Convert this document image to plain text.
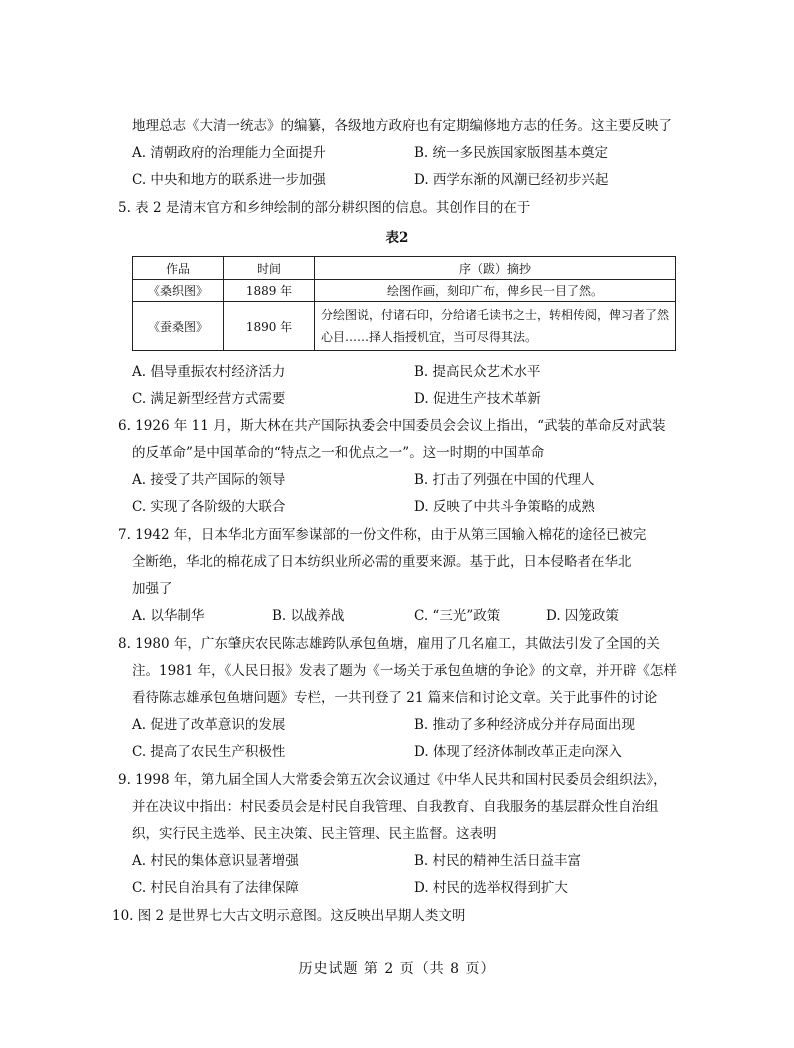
地理总志《大清一统志》的编纂，各级地方政府也有定期编修地方志的任务。这主要反映了
A. 清朝政府的治理能力全面提升	B. 统一多民族国家版图基本奠定
C. 中央和地方的联系进一步加强	D. 西学东渐的风潮已经初步兴起
5. 表 2 是清末官方和乡绅绘制的部分耕织图的信息。其创作目的在于
表2
作品	时间	序（跋）摘抄
《桑织图》	1889 年	绘图作画，刻印广布，俾乡民一目了然。
《蚕桑图》	1890 年	分绘图说，付诸石印，分给诸乇读书之士，转相传阅，俾习者了然心目……择人指授机宜，当可尽得其法。
A. 倡导重振农村经济活力	B. 提高民众艺术水平
C. 满足新型经营方式需要	D. 促进生产技术革新
6. 1926 年 11 月，斯大林在共产国际执委会中国委员会会议上指出，“武装的革命反对武装
的反革命”是中国革命的“特点之一和优点之一”。这一时期的中国革命
A. 接受了共产国际的领导	B. 打击了列强在中国的代理人
C. 实现了各阶级的大联合	D. 反映了中共斗争策略的成熟
7. 1942 年，日本华北方面军参谋部的一份文件称，由于从第三国输入棉花的途径已被完
全断绝，华北的棉花成了日本纺织业所必需的重要来源。基于此，日本侵略者在华北
加强了
A. 以华制华	B. 以战养战	C. “三光”政策	D. 囚笼政策
8. 1980 年，广东肇庆农民陈志雄跨队承包鱼塘，雇用了几名雇工，其做法引发了全国的关
注。1981 年，《人民日报》发表了题为《一场关于承包鱼塘的争论》的文章，并开辟《怎样
看待陈志雄承包鱼塘问题》专栏，一共刊登了 21 篇来信和讨论文章。关于此事件的讨论
A. 促进了改革意识的发展	B. 推动了多种经济成分并存局面出现
C. 提高了农民生产积极性	D. 体现了经济体制改革正走向深入
9. 1998 年，第九届全国人大常委会第五次会议通过《中华人民共和国村民委员会组织法》，
并在决议中指出：村民委员会是村民自我管理、自我教育、自我服务的基层群众性自治组
织，实行民主选举、民主决策、民主管理、民主监督。这表明
A. 村民的集体意识显著增强	B. 村民的精神生活日益丰富
C. 村民自治具有了法律保障	D. 村民的选举权得到扩大
10. 图 2 是世界七大古文明示意图。这反映出早期人类文明
历史试题 第 2 页（共 8 页）
